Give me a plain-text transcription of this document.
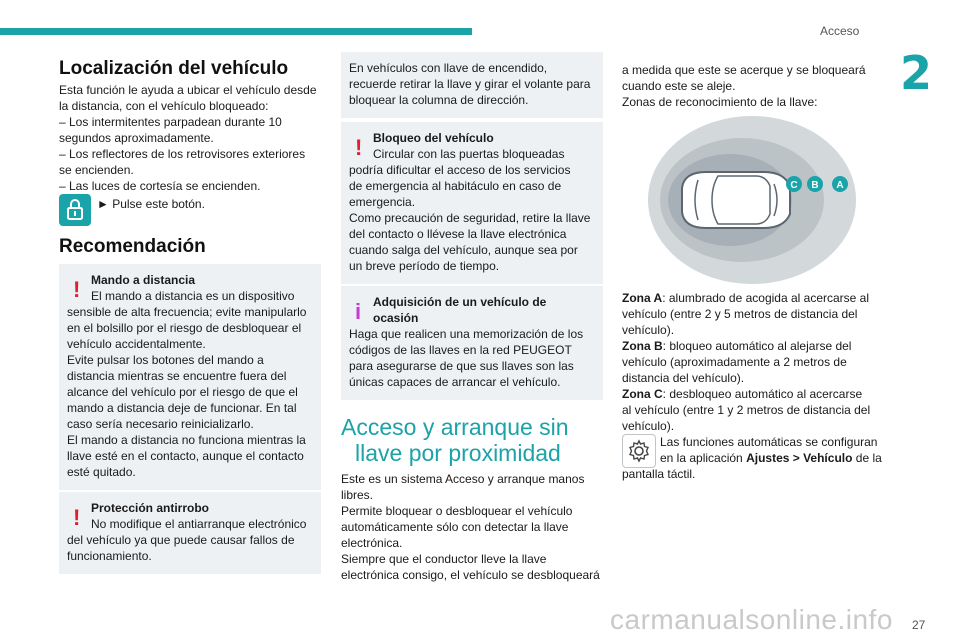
Acceso
2
Localización del vehículo

Esta función le ayuda a ubicar el vehículo desde

la distancia, con el vehículo bloqueado:

– Los intermitentes parpadean durante 10

segundos aproximadamente.

– Los reflectores de los retrovisores exteriores

se encienden.

– Las luces de cortesía se encienden.

► Pulse este botón.

Recomendación
! Mando a distancia
El mando a distancia es un dispositivo
sensible de alta frecuencia; evite manipularlo
en el bolsillo por el riesgo de desbloquear el
vehículo accidentalmente.
Evite pulsar los botones del mando a
distancia mientras se encuentre fuera del
alcance del vehículo por el riesgo de que el
mando a distancia deje de funcionar. En tal
caso sería necesario reinicializarlo.
El mando a distancia no funciona mientras la
llave esté en el contacto, aunque el contacto
esté quitado.
! Protección antirrobo
No modifique el antiarranque electrónico
del vehículo ya que puede causar fallos de
funcionamiento.
En vehículos con llave de encendido,
recuerde retirar la llave y girar el volante para
bloquear la columna de dirección.
! Bloqueo del vehículo
Circular con las puertas bloqueadas
podría dificultar el acceso de los servicios
de emergencia al habitáculo en caso de
emergencia.
Como precaución de seguridad, retire la llave
del contacto o llévese la llave electrónica
cuando salga del vehículo, aunque sea por
un breve período de tiempo.
i Adquisición de un vehículo de
ocasión
Haga que realicen una memorización de los
códigos de las llaves en la red PEUGEOT
para asegurarse de que sus llaves son las
únicas capaces de arrancar el vehículo.
Acceso y arranque sin
llave por proximidad

Este es un sistema Acceso y arranque manos

libres.

Permite bloquear o desbloquear el vehículo

automáticamente sólo con detectar la llave

electrónica.

Siempre que el conductor lleve la llave

electrónica consigo, el vehículo se desbloqueará

a medida que este se acerque y se bloqueará

cuando este se aleje.

Zonas de reconocimiento de la llave:

C B A

Zona A: alumbrado de acogida al acercarse al

vehículo (entre 2 y 5 metros de distancia del

vehículo).

Zona B: bloqueo automático al alejarse del

vehículo (aproximadamente a 2 metros de

distancia del vehículo).

Zona C: desbloqueo automático al acercarse

al vehículo (entre 1 y 2 metros de distancia del

vehículo).

Las funciones automáticas se configuran

en la aplicación Ajustes > Vehículo de la

pantalla táctil.

carmanualsonline.info 27
